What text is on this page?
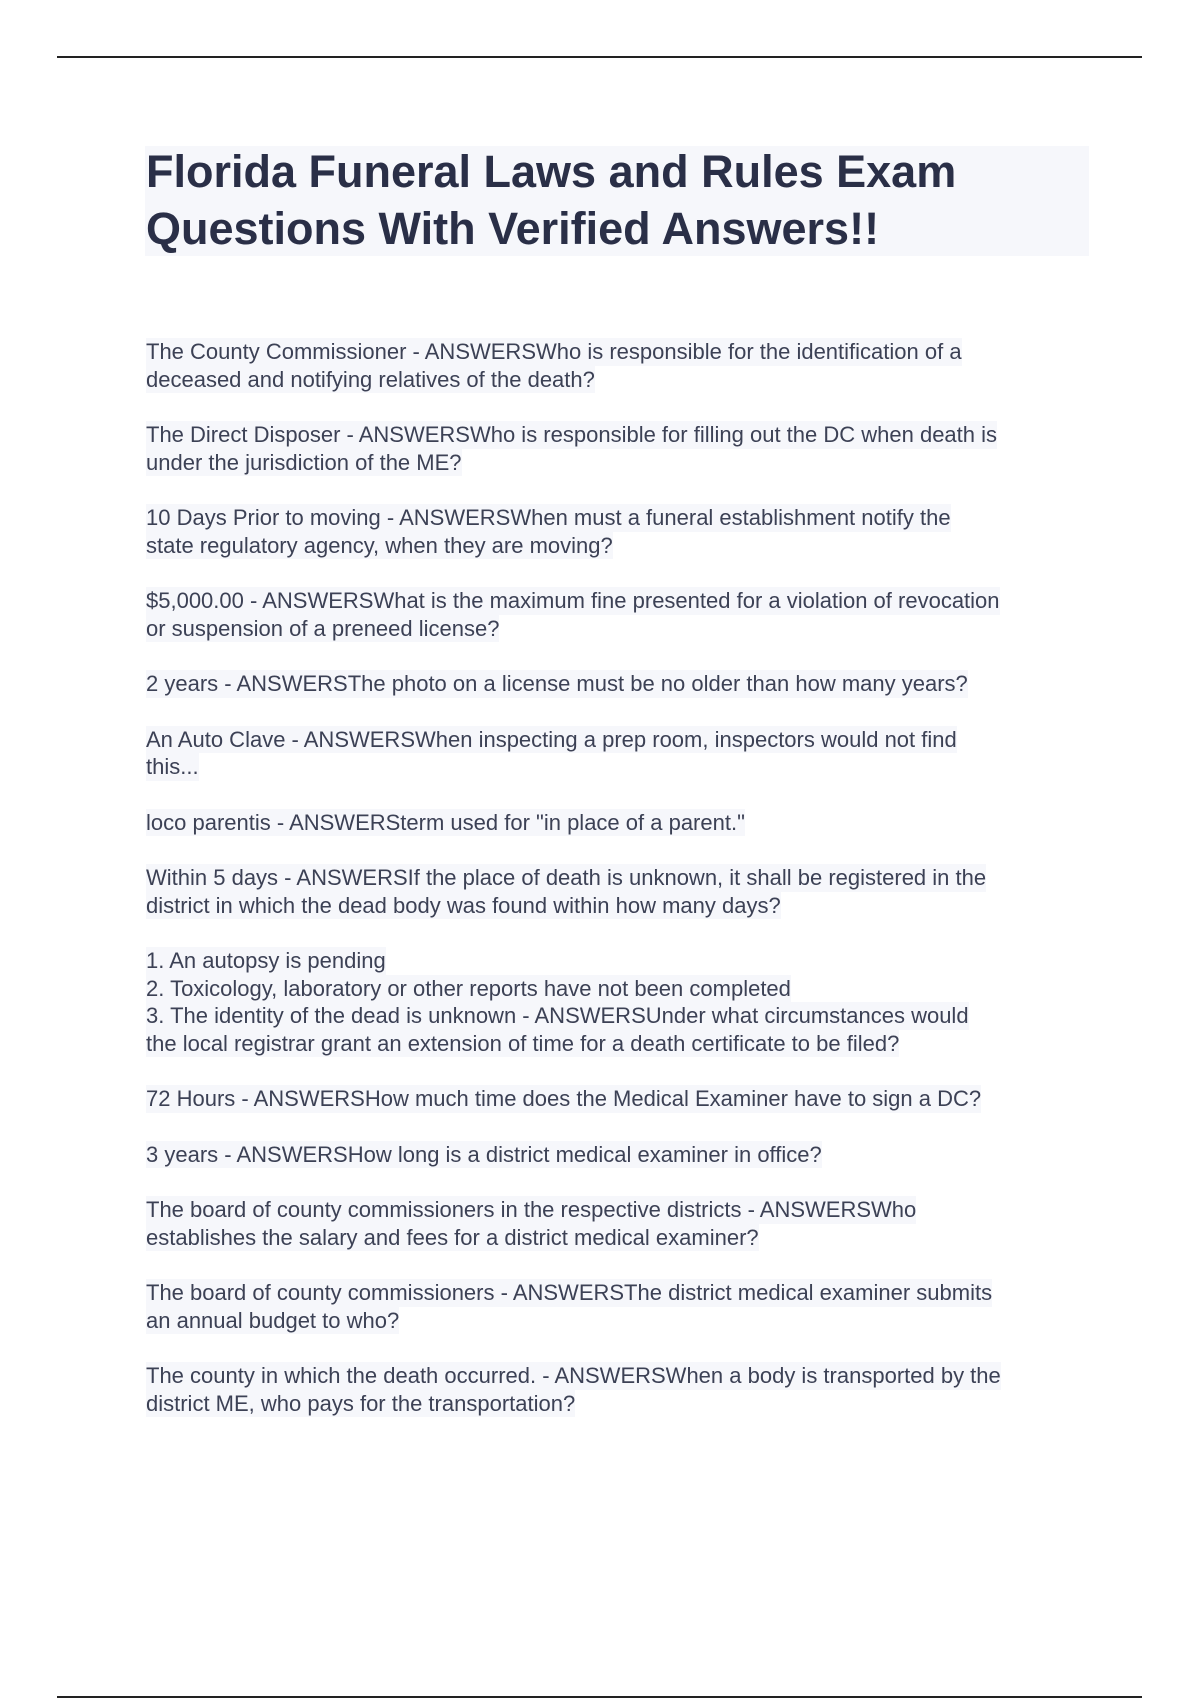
Florida Funeral Laws and Rules Exam
Questions With Verified Answers!!
The County Commissioner - ANSWERSWho is responsible for the identification of a
deceased and notifying relatives of the death?
The Direct Disposer - ANSWERSWho is responsible for filling out the DC when death is
under the jurisdiction of the ME?
10 Days Prior to moving - ANSWERSWhen must a funeral establishment notify the
state regulatory agency, when they are moving?
$5,000.00 - ANSWERSWhat is the maximum fine presented for a violation of revocation
or suspension of a preneed license?
2 years - ANSWERSThe photo on a license must be no older than how many years?
An Auto Clave - ANSWERSWhen inspecting a prep room, inspectors would not find
this...
loco parentis - ANSWERSterm used for "in place of a parent."
Within 5 days - ANSWERSIf the place of death is unknown, it shall be registered in the
district in which the dead body was found within how many days?
1. An autopsy is pending
2. Toxicology, laboratory or other reports have not been completed
3. The identity of the dead is unknown - ANSWERSUnder what circumstances would
the local registrar grant an extension of time for a death certificate to be filed?
72 Hours - ANSWERSHow much time does the Medical Examiner have to sign a DC?
3 years - ANSWERSHow long is a district medical examiner in office?
The board of county commissioners in the respective districts - ANSWERSWho
establishes the salary and fees for a district medical examiner?
The board of county commissioners - ANSWERSThe district medical examiner submits
an annual budget to who?
The county in which the death occurred. - ANSWERSWhen a body is transported by the
district ME, who pays for the transportation?
